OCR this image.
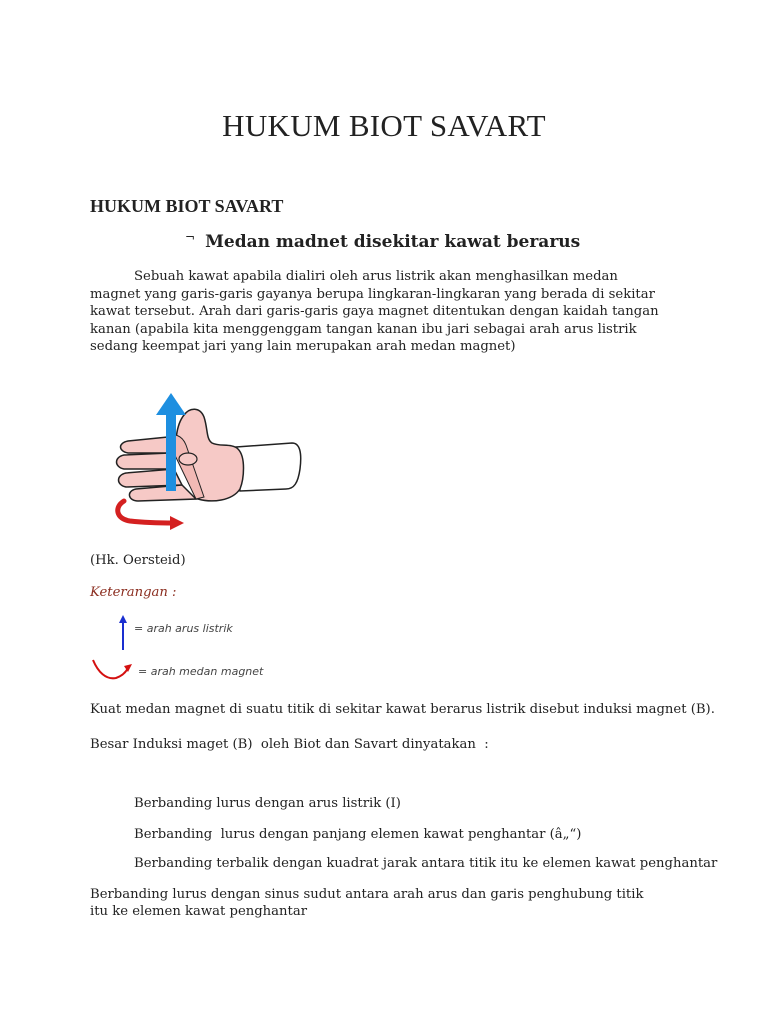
HUKUM BIOT SAVART
HUKUM BIOT SAVART
¬ Medan madnet disekitar kawat berarus
Sebuah kawat apabila dialiri oleh arus listrik akan menghasilkan medan magnet yang garis-garis gayanya berupa lingkaran-lingkaran yang berada di sekitar kawat tersebut. Arah dari garis-garis gaya magnet ditentukan dengan kaidah tangan kanan (apabila kita menggenggam tangan kanan ibu jari sebagai arah arus listrik sedang keempat jari yang lain merupakan arah medan magnet)
(Hk. Oersteid)
Keterangan :
= arah arus listrik
= arah medan magnet
Kuat medan magnet di suatu titik di sekitar kawat berarus listrik disebut induksi magnet (B).
Besar Induksi maget (B)  oleh Biot dan Savart dinyatakan  :
Berbanding lurus dengan arus listrik (I)
Berbanding  lurus dengan panjang elemen kawat penghantar (â„“)
Berbanding terbalik dengan kuadrat jarak antara titik itu ke elemen kawat penghantar
Berbanding lurus dengan sinus sudut antara arah arus dan garis penghubung titik itu ke elemen kawat penghantar
